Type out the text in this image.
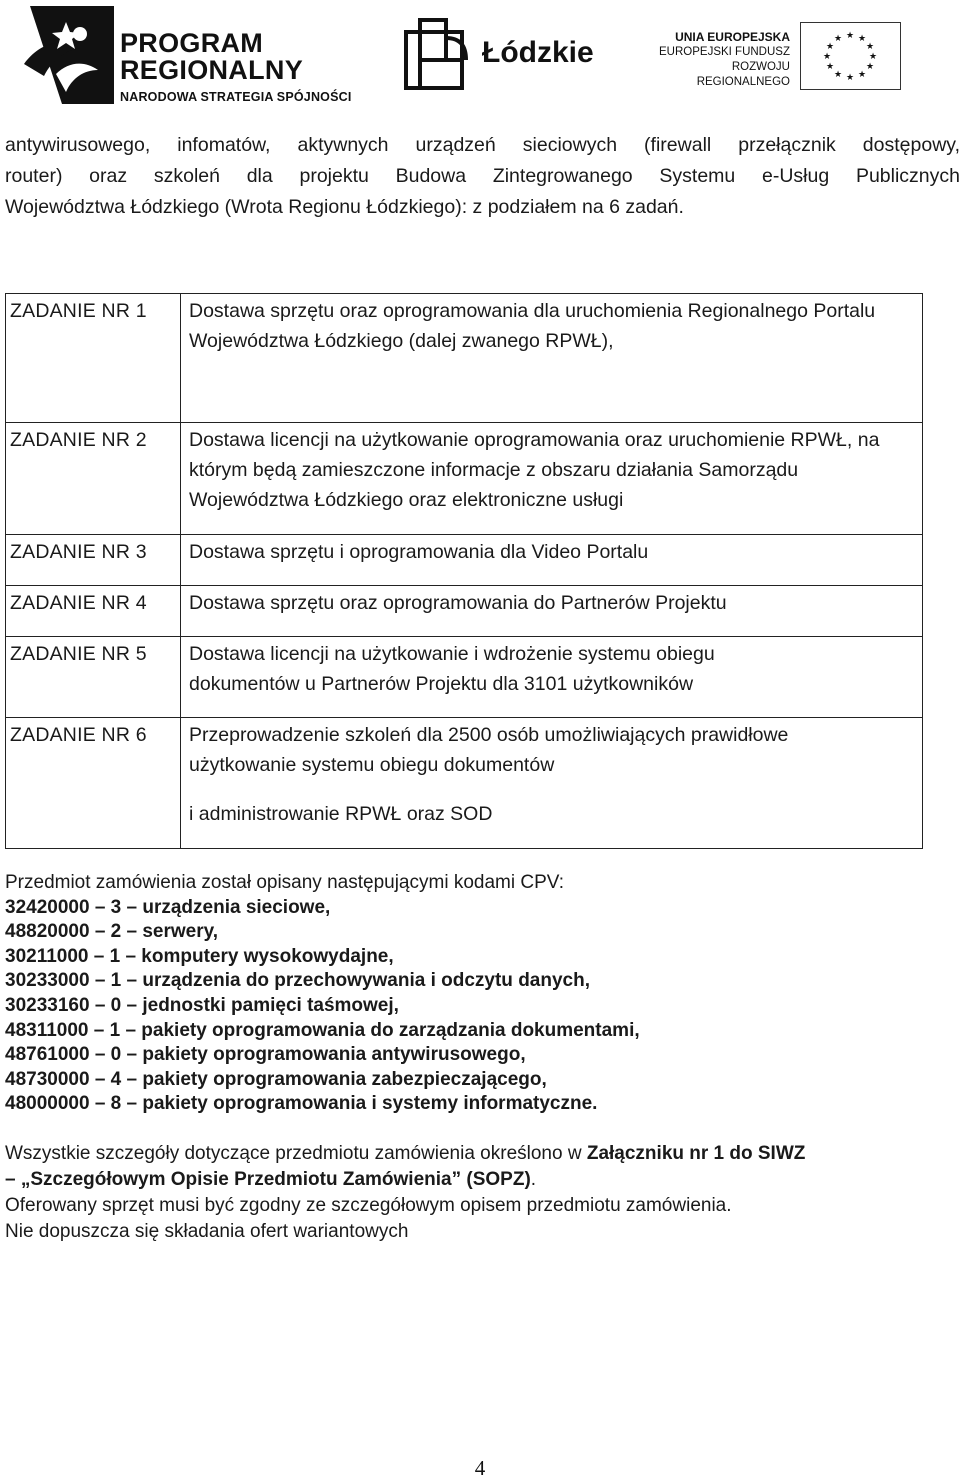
PROGRAM
REGIONALNY
NARODOWA STRATEGIA SPÓJNOŚCI
Łódzkie	UNIA EUROPEJSKA
EUROPEJSKI FUNDUSZ
ROZWOJU REGIONALNEGO
★ ★
★
★
★
★
★
★
★
★
★
★
antywirusowego, infomatów, aktywnych urządzeń sieciowych (firewall przełącznik dostępowy,
router) oraz szkoleń dla projektu Budowa Zintegrowanego Systemu e-Usług Publicznych
Województwa Łódzkiego (Wrota Regionu Łódzkiego): z podziałem na 6 zadań.
ZADANIE NR 1	Dostawa sprzętu oraz oprogramowania dla uruchomienia Regionalnego Portalu Województwa Łódzkiego (dalej zwanego RPWŁ),

ZADANIE NR 2	Dostawa licencji na użytkowanie oprogramowania oraz uruchomienie RPWŁ, na którym będą zamieszczone informacje z obszaru działania Samorządu Województwa Łódzkiego oraz elektroniczne usługi

ZADANIE NR 3	Dostawa sprzętu i oprogramowania dla Video Portalu

ZADANIE NR 4	Dostawa sprzętu oraz oprogramowania do Partnerów Projektu

ZADANIE NR 5	Dostawa licencji na użytkowanie i wdrożenie systemu obiegu dokumentów u Partnerów Projektu dla 3101 użytkowników

ZADANIE NR 6	Przeprowadzenie szkoleń dla 2500 osób umożliwiających prawidłowe użytkowanie systemu obiegu dokumentów

i administrowanie RPWŁ oraz SOD

Przedmiot zamówienia został opisany następującymi kodami CPV:
32420000 – 3 – urządzenia sieciowe,
48820000 – 2 – serwery,
30211000 – 1 – komputery wysokowydajne,
30233000 – 1 – urządzenia do przechowywania i odczytu danych,
30233160 – 0 – jednostki pamięci taśmowej,
48311000 – 1 – pakiety oprogramowania do zarządzania dokumentami,
48761000 – 0 – pakiety oprogramowania antywirusowego,
48730000 – 4 – pakiety oprogramowania zabezpieczającego,
48000000 – 8 – pakiety oprogramowania i systemy informatyczne.
Wszystkie szczegóły dotyczące przedmiotu zamówienia określono w Załączniku nr 1 do SIWZ
– „Szczegółowym Opisie Przedmiotu Zamówienia” (SOPZ).
Oferowany sprzęt musi być zgodny ze szczegółowym opisem przedmiotu zamówienia.
Nie dopuszcza się składania ofert wariantowych
4
